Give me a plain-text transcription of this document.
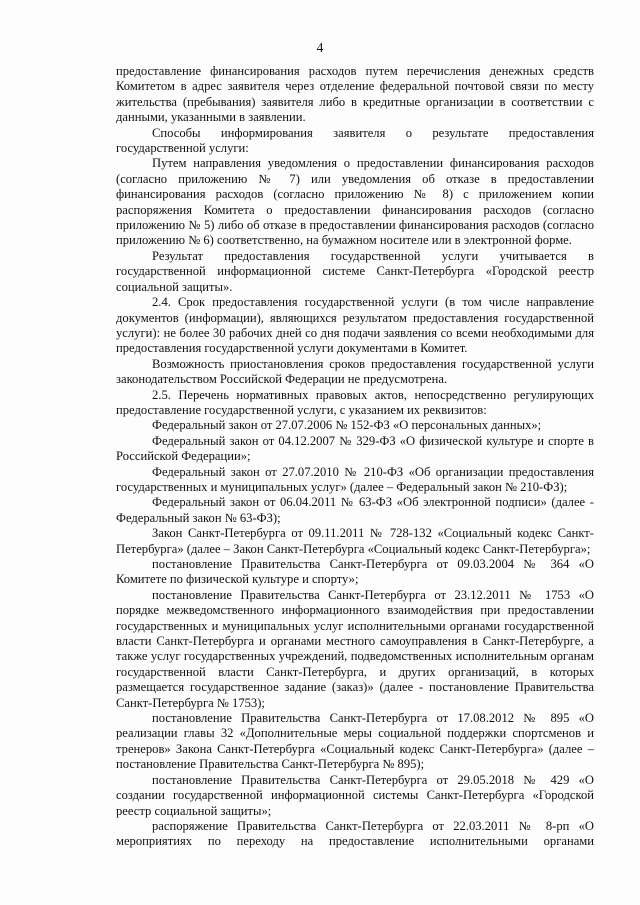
4

предоставление финансирования расходов путем перечисления денежных средств Комитетом в адрес заявителя через отделение федеральной почтовой связи по месту жительства (пребывания) заявителя либо в кредитные организации в соответствии с данными, указанными в заявлении.

Способы информирования заявителя о результате предоставления государственной услуги:

Путем направления уведомления о предоставлении финансирования расходов (согласно приложению № 7) или уведомления об отказе в предоставлении финансирования расходов (согласно приложению № 8) с приложением копии распоряжения Комитета о предоставлении финансирования расходов (согласно приложению № 5) либо об отказе в предоставлении финансирования расходов (согласно приложению № 6) соответственно, на бумажном носителе или в электронной форме.

Результат предоставления государственной услуги учитывается в государственной информационной системе Санкт-Петербурга «Городской реестр социальной защиты».

2.4. Срок предоставления государственной услуги (в том числе направление документов (информации), являющихся результатом предоставления государственной услуги): не более 30 рабочих дней со дня подачи заявления со всеми необходимыми для предоставления государственной услуги документами в Комитет.

Возможность приостановления сроков предоставления государственной услуги законодательством Российской Федерации не предусмотрена.

2.5. Перечень нормативных правовых актов, непосредственно регулирующих предоставление государственной услуги, с указанием их реквизитов:

Федеральный закон от 27.07.2006 № 152-ФЗ «О персональных данных»;

Федеральный закон от 04.12.2007 № 329-ФЗ «О физической культуре и спорте в Российской Федерации»;

Федеральный закон от 27.07.2010 № 210-ФЗ «Об организации предоставления государственных и муниципальных услуг» (далее – Федеральный закон № 210-ФЗ);

Федеральный закон от 06.04.2011 № 63-ФЗ «Об электронной подписи» (далее - Федеральный закон № 63-ФЗ);

Закон Санкт-Петербурга от 09.11.2011 № 728-132 «Социальный кодекс Санкт-Петербурга» (далее – Закон Санкт-Петербурга «Социальный кодекс Санкт-Петербурга»;

постановление Правительства Санкт-Петербурга от 09.03.2004 № 364 «О Комитете по физической культуре и спорту»;

постановление Правительства Санкт-Петербурга от 23.12.2011 № 1753 «О порядке межведомственного информационного взаимодействия при предоставлении государственных и муниципальных услуг исполнительными органами государственной власти Санкт-Петербурга и органами местного самоуправления в Санкт-Петербурге, а также услуг государственных учреждений, подведомственных исполнительным органам государственной власти Санкт-Петербурга, и других организаций, в которых размещается государственное задание (заказ)» (далее - постановление Правительства Санкт-Петербурга № 1753);

постановление Правительства Санкт-Петербурга от 17.08.2012 № 895 «О реализации главы 32 «Дополнительные меры социальной поддержки спортсменов и тренеров» Закона Санкт-Петербурга «Социальный кодекс Санкт-Петербурга» (далее – постановление Правительства Санкт-Петербурга № 895);

постановление Правительства Санкт-Петербурга от 29.05.2018 № 429 «О создании государственной информационной системы Санкт-Петербурга «Городской реестр социальной защиты»;

распоряжение Правительства Санкт-Петербурга от 22.03.2011 № 8-рп «О мероприятиях по переходу на предоставление исполнительными органами
